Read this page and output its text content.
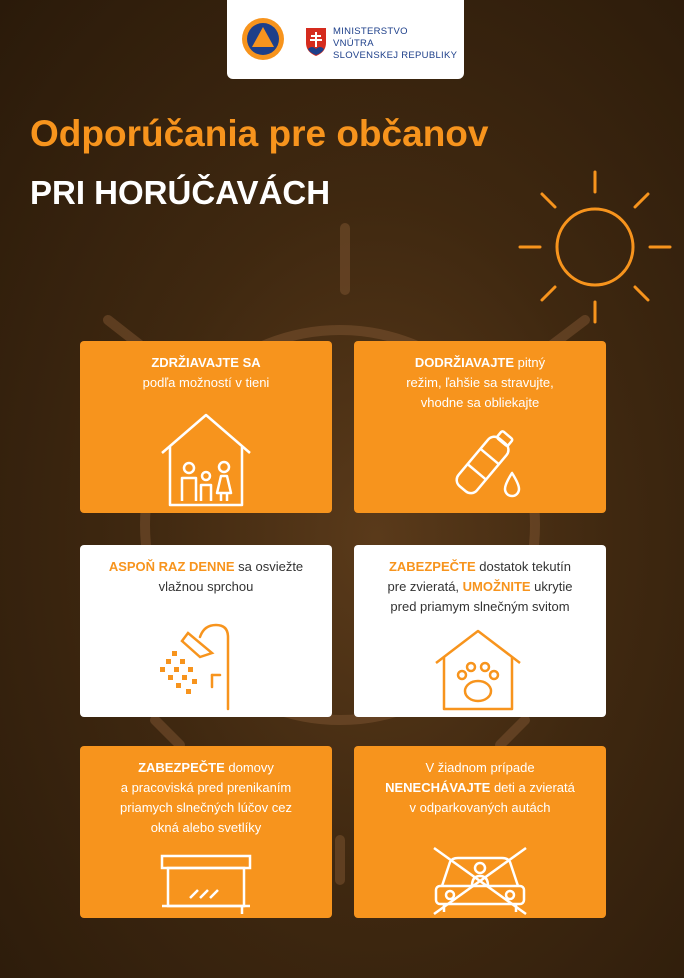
MINISTERSTVO
VNÚTRA
SLOVENSKEJ REPUBLIKY
Odporúčania pre občanov
PRI HORÚČAVÁCH
ZDRŽIAVAJTE SA
podľa možností v tieni
DODRŽIAVAJTE pitný
režim, ľahšie sa stravujte,
vhodne sa obliekajte
ASPOŇ RAZ DENNE sa osviežte
vlažnou sprchou
ZABEZPEČTE dostatok tekutín
pre zvieratá, UMOŽNITE ukrytie
pred priamym slnečným svitom
ZABEZPEČTE domovy
a pracoviská pred prenikaním
priamych slnečných lúčov cez
okná alebo svetlíky
V žiadnom prípade
NENECHÁVAJTE deti a zvieratá
v odparkovaných autách
